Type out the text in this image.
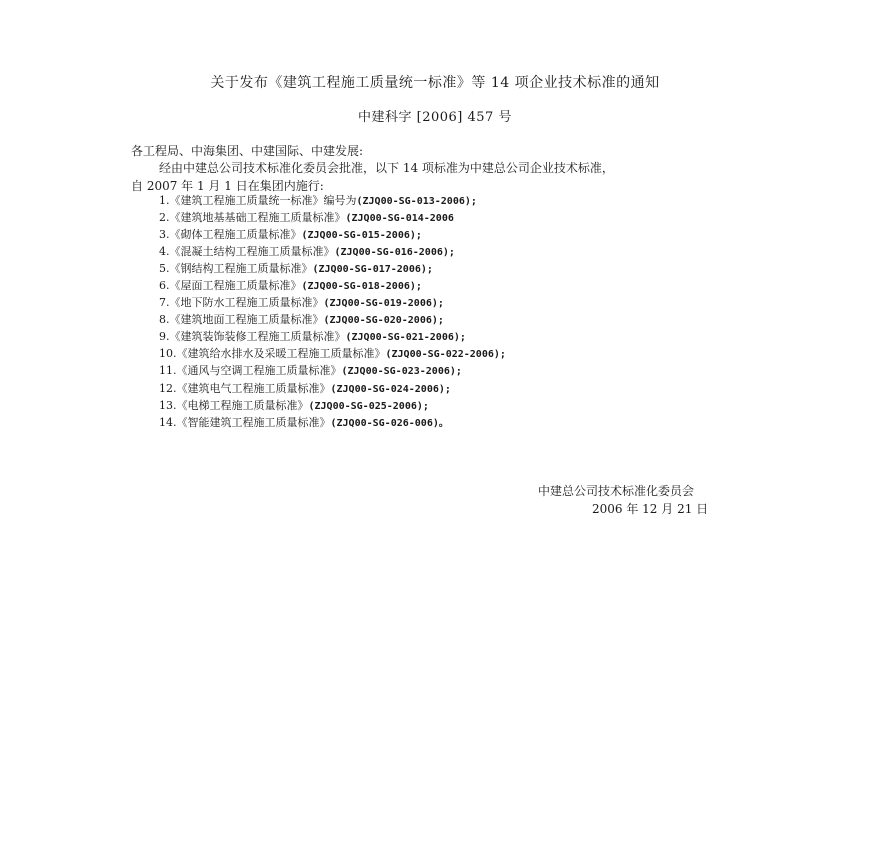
关于发布《建筑工程施工质量统一标准》等 14 项企业技术标准的通知
中建科字 [2006] 457 号
各工程局、中海集团、中建国际、中建发展:
经由中建总公司技术标准化委员会批准，以下 14 项标准为中建总公司企业技术标准，
自 2007 年 1 月 1 日在集团内施行:
1.《建筑工程施工质量统一标准》编号为(ZJQ00-SG-013-2006);
2.《建筑地基基础工程施工质量标准》(ZJQ00-SG-014-2006
3.《砌体工程施工质量标准》(ZJQ00-SG-015-2006);
4.《混凝土结构工程施工质量标准》(ZJQ00-SG-016-2006);
5.《钢结构工程施工质量标准》(ZJQ00-SG-017-2006);
6.《屋面工程施工质量标准》(ZJQ00-SG-018-2006);
7.《地下防水工程施工质量标准》(ZJQ00-SG-019-2006);
8.《建筑地面工程施工质量标准》(ZJQ00-SG-020-2006);
9.《建筑装饰装修工程施工质量标准》(ZJQ00-SG-021-2006);
10.《建筑给水排水及采暖工程施工质量标准》(ZJQ00-SG-022-2006);
11.《通风与空调工程施工质量标准》(ZJQ00-SG-023-2006);
12.《建筑电气工程施工质量标准》(ZJQ00-SG-024-2006);
13.《电梯工程施工质量标准》(ZJQ00-SG-025-2006);
14.《智能建筑工程施工质量标准》(ZJQ00-SG-026-006)。
中建总公司技术标准化委员会
2006 年 12 月 21 日
